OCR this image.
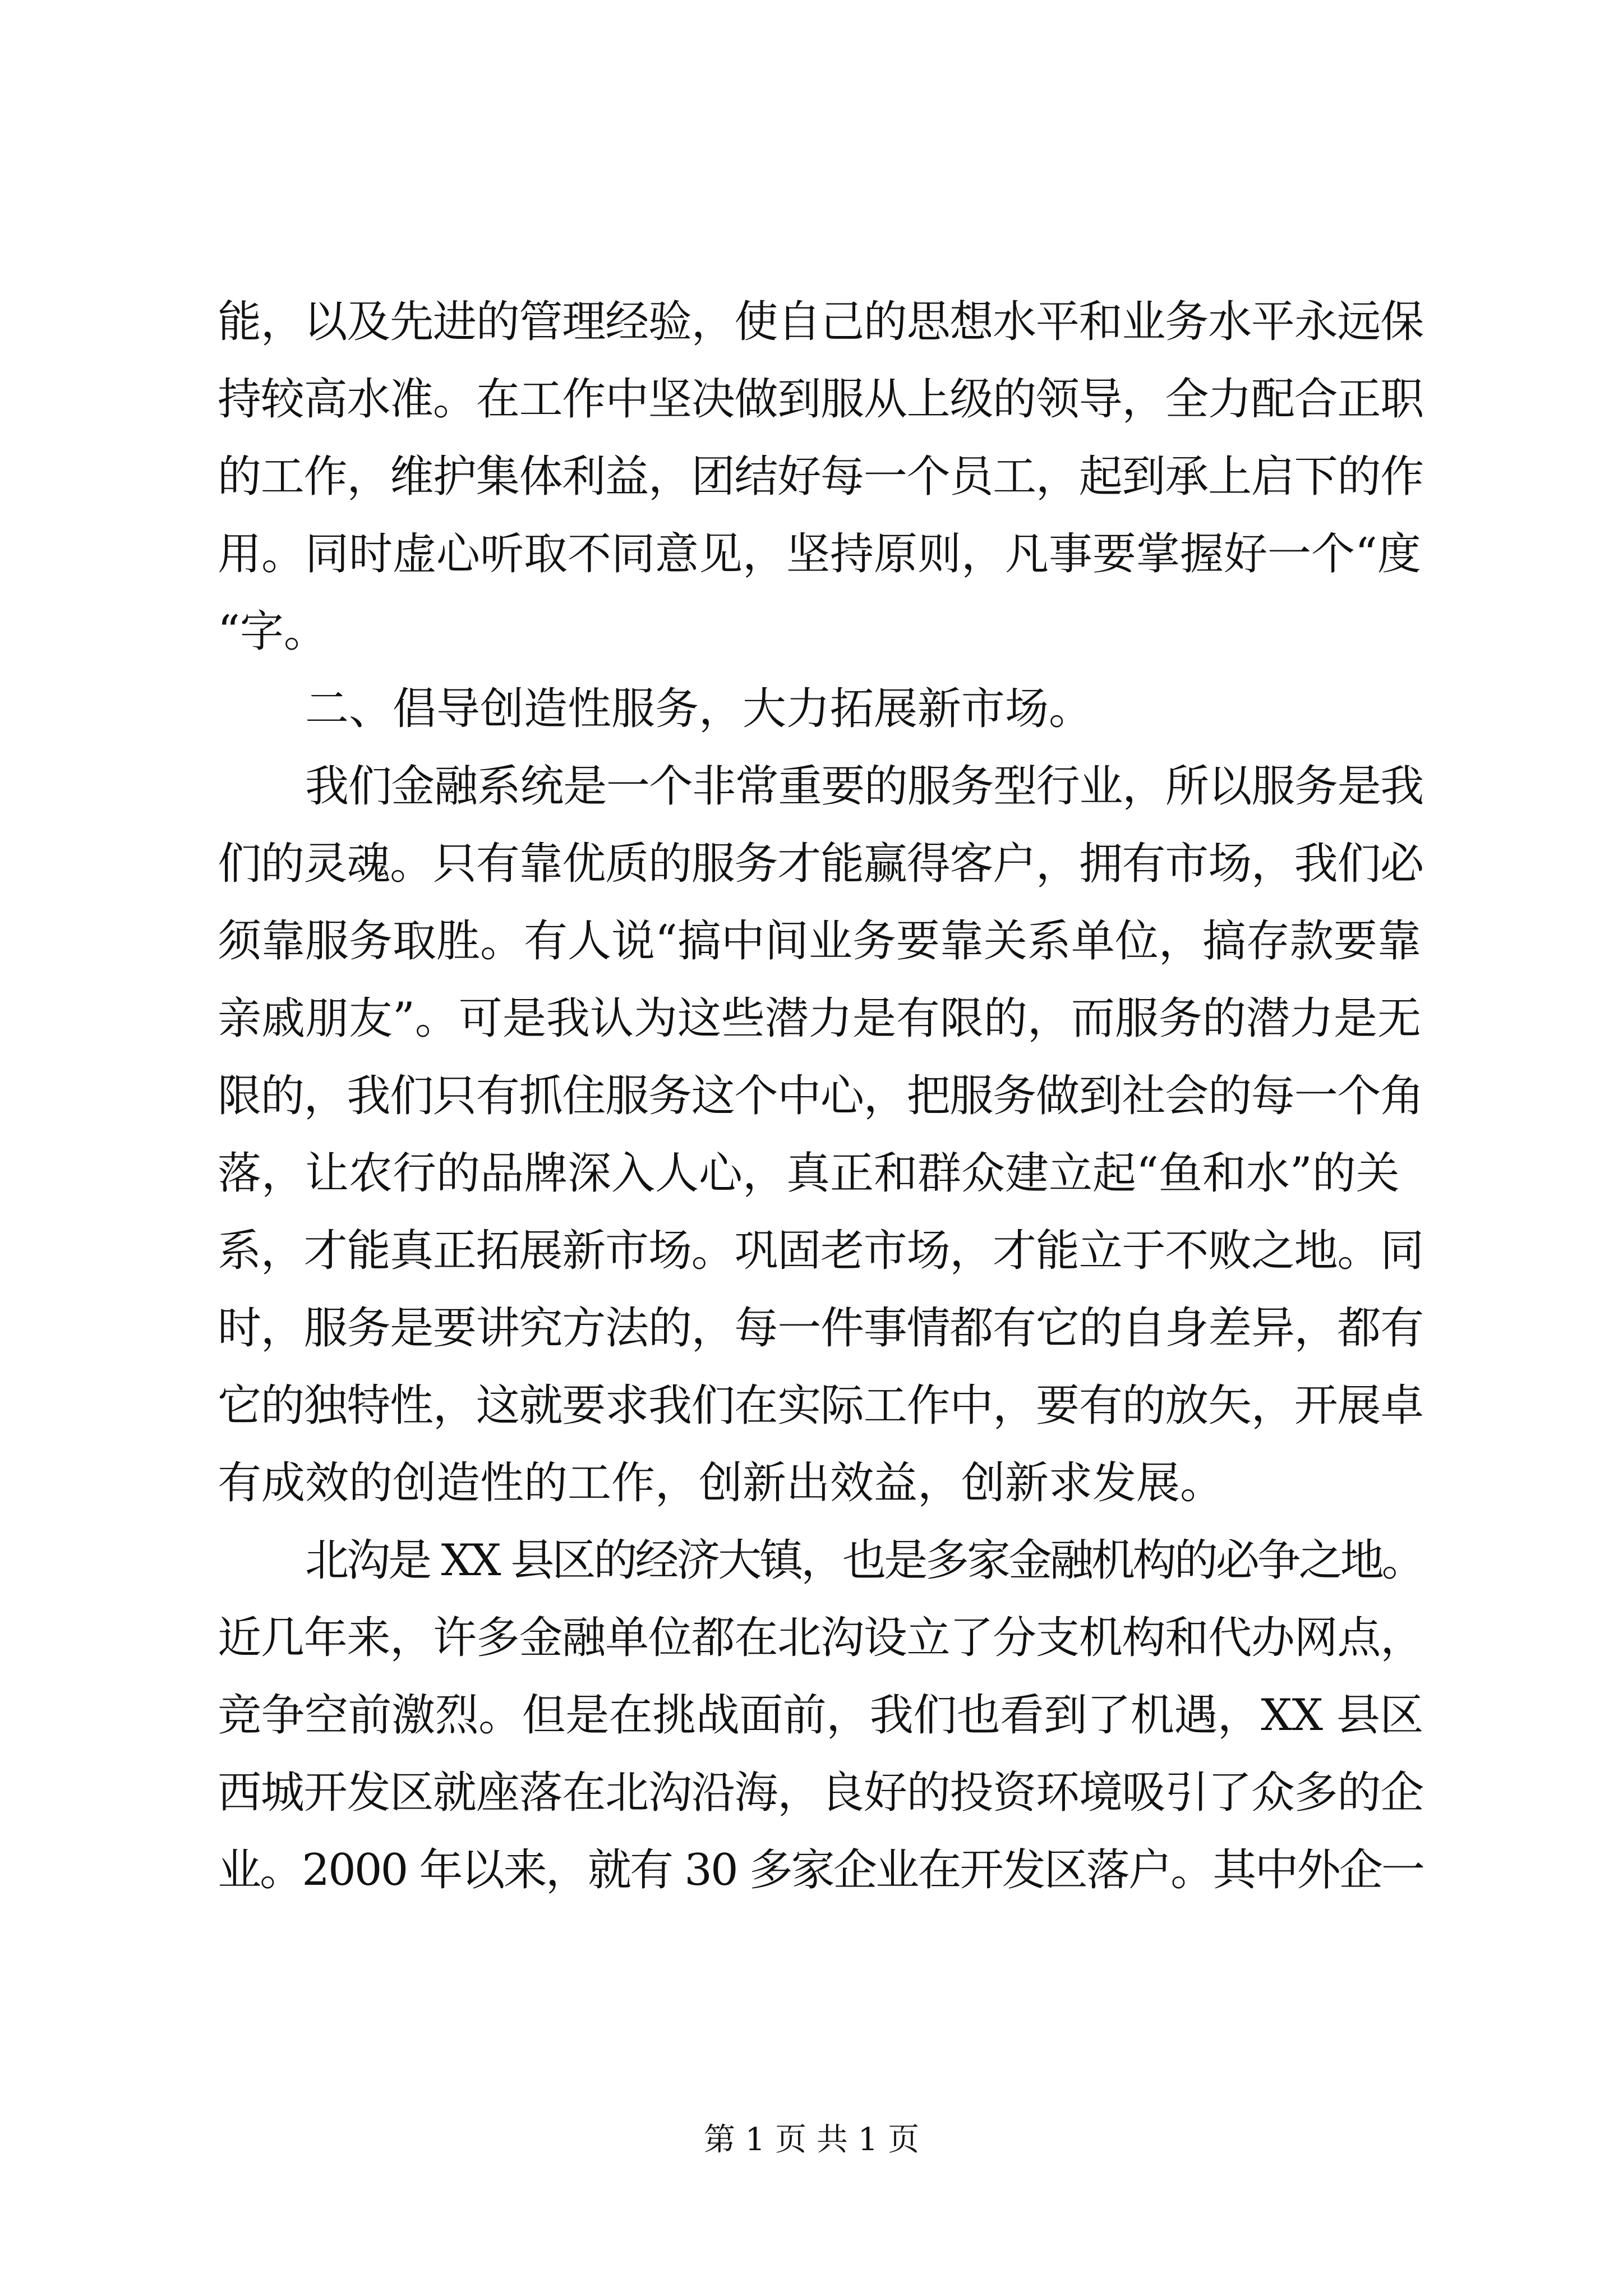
能，以及先进的管理经验，使自己的思想水平和业务水平永远保
持较高水准。在工作中坚决做到服从上级的领导，全力配合正职
的工作，维护集体利益，团结好每一个员工，起到承上启下的作
用。同时虚心听取不同意见，坚持原则，凡事要掌握好一个“度
“字。
二、倡导创造性服务，大力拓展新市场。
我们金融系统是一个非常重要的服务型行业，所以服务是我
们的灵魂。只有靠优质的服务才能赢得客户，拥有市场，我们必
须靠服务取胜。有人说“搞中间业务要靠关系单位，搞存款要靠
亲戚朋友”。可是我认为这些潜力是有限的，而服务的潜力是无
限的，我们只有抓住服务这个中心，把服务做到社会的每一个角
落，让农行的品牌深入人心，真正和群众建立起“鱼和水”的关
系，才能真正拓展新市场。巩固老市场，才能立于不败之地。同
时，服务是要讲究方法的，每一件事情都有它的自身差异，都有
它的独特性，这就要求我们在实际工作中，要有的放矢，开展卓
有成效的创造性的工作，创新出效益，创新求发展。
北沟是 XX 县区的经济大镇，也是多家金融机构的必争之地。
近几年来，许多金融单位都在北沟设立了分支机构和代办网点，
竞争空前激烈。但是在挑战面前，我们也看到了机遇，XX 县区
西城开发区就座落在北沟沿海，良好的投资环境吸引了众多的企
业。2000 年以来，就有 30 多家企业在开发区落户。其中外企一
第 1 页 共 1 页
